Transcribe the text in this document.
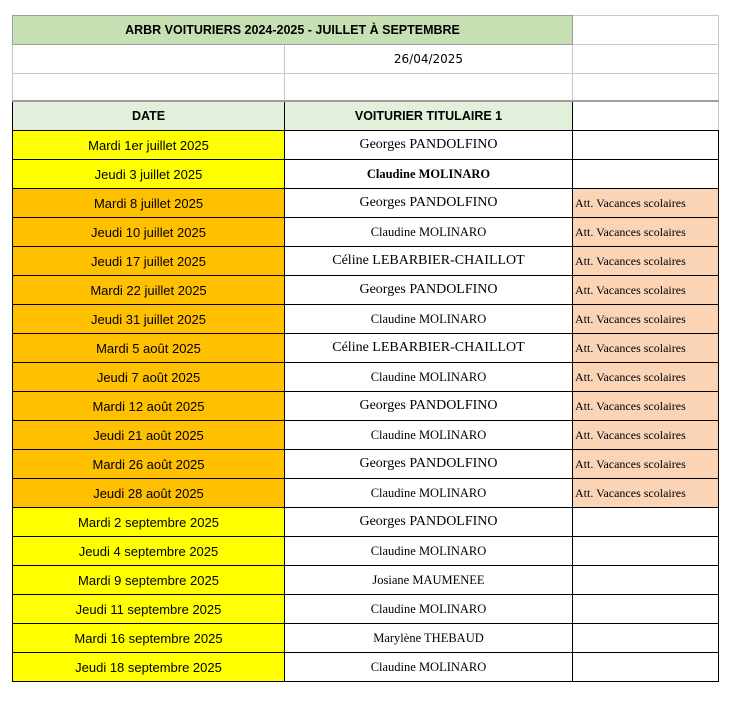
ARBR VOITURIERS 2024-2025 - JUILLET À SEPTEMBRE		
	26/04/2025	

DATE	VOITURIER TITULAIRE 1	
Mardi 1er juillet 2025	Georges PANDOLFINO	
Jeudi 3 juillet 2025	Claudine MOLINARO	
Mardi 8 juillet 2025	Georges PANDOLFINO	Att. Vacances scolaires
Jeudi 10 juillet 2025	Claudine MOLINARO	Att. Vacances scolaires
Jeudi 17 juillet 2025	Céline LEBARBIER-CHAILLOT	Att. Vacances scolaires
Mardi 22 juillet 2025	Georges PANDOLFINO	Att. Vacances scolaires
Jeudi 31 juillet 2025	Claudine MOLINARO	Att. Vacances scolaires
Mardi 5 août 2025	Céline LEBARBIER-CHAILLOT	Att. Vacances scolaires
Jeudi 7 août 2025	Claudine MOLINARO	Att. Vacances scolaires
Mardi 12 août 2025	Georges PANDOLFINO	Att. Vacances scolaires
Jeudi 21 août 2025	Claudine MOLINARO	Att. Vacances scolaires
Mardi 26 août 2025	Georges PANDOLFINO	Att. Vacances scolaires
Jeudi 28 août 2025	Claudine MOLINARO	Att. Vacances scolaires
Mardi 2 septembre 2025	Georges PANDOLFINO	
Jeudi 4 septembre 2025	Claudine MOLINARO	
Mardi 9 septembre 2025	Josiane MAUMENEE	
Jeudi 11 septembre 2025	Claudine MOLINARO	
Mardi 16 septembre 2025	Marylène THEBAUD	
Jeudi 18 septembre 2025	Claudine MOLINARO	
